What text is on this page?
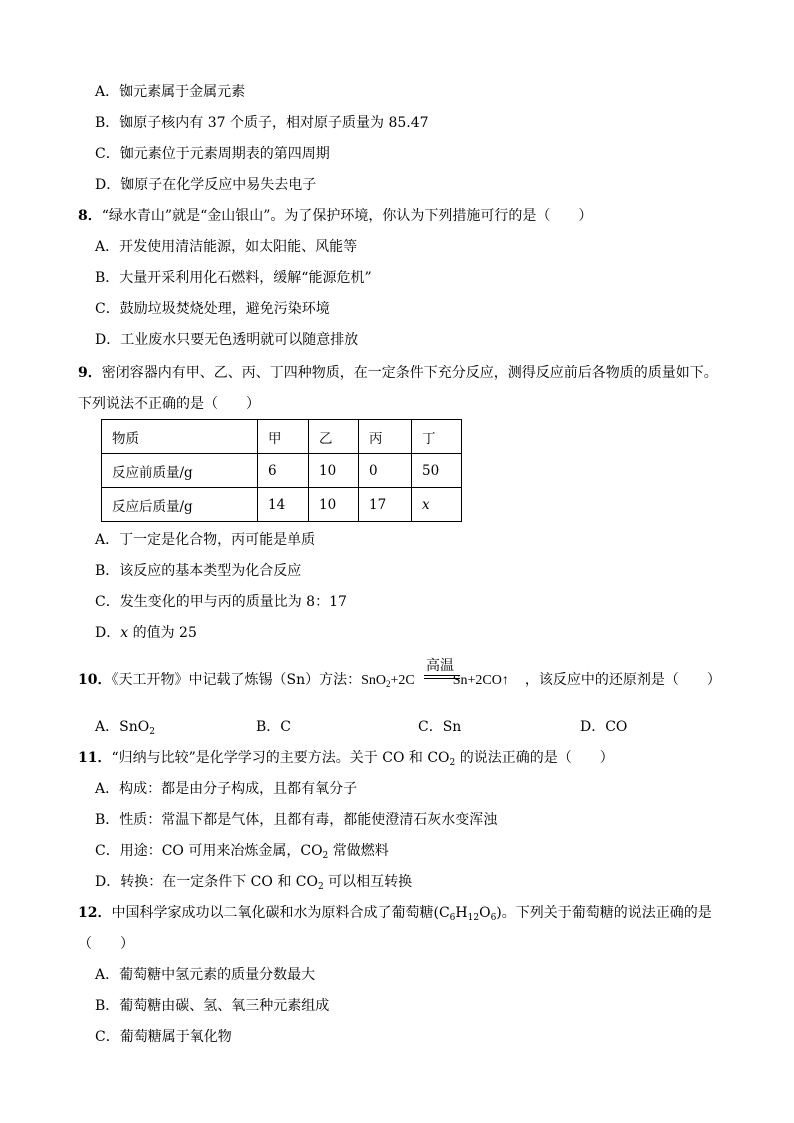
A．铷元素属于金属元素
B．铷原子核内有 37 个质子，相对原子质量为 85.47
C．铷元素位于元素周期表的第四周期
D．铷原子在化学反应中易失去电子
8．“绿水青山”就是“金山银山”。为了保护环境，你认为下列措施可行的是（　　）
A．开发使用清洁能源，如太阳能、风能等
B．大量开采利用化石燃料，缓解“能源危机”
C．鼓励垃圾焚烧处理，避免污染环境
D．工业废水只要无色透明就可以随意排放
9．密闭容器内有甲、乙、丙、丁四种物质，在一定条件下充分反应，测得反应前后各物质的质量如下。
下列说法不正确的是（　　）
物质	甲	乙	丙	丁
反应前质量/g	6	10	0	50
反应后质量/g	14	10	17	x
A．丁一定是化合物，丙可能是单质
B．该反应的基本类型为化合反应
C．发生变化的甲与丙的质量比为 8：17
D．x 的值为 25
10．《天工开物》中记载了炼锡（Sn）方法：SnO$_2$+2C	Sn+2CO↑ ，该反应中的还原剂是（　　）
高温
A．SnO$_2$	B．C	C．Sn	D．CO
11．“归纳与比较”是化学学习的主要方法。关于 CO 和 $CO_2$ 的说法正确的是（　　）
A．构成：都是由分子构成，且都有氧分子
B．性质：常温下都是气体，且都有毒，都能使澄清石灰水变浑浊
C．用途：CO 可用来冶炼金属，$CO_2$ 常做燃料
D．转换：在一定条件下 CO 和 $CO_2$ 可以相互转换
12．中国科学家成功以二氧化碳和水为原料合成了葡萄糖$(C_6H_{12}O_6)$。下列关于葡萄糖的说法正确的是
（　　）
A．葡萄糖中氢元素的质量分数最大
B．葡萄糖由碳、氢、氧三种元素组成
C．葡萄糖属于氧化物
